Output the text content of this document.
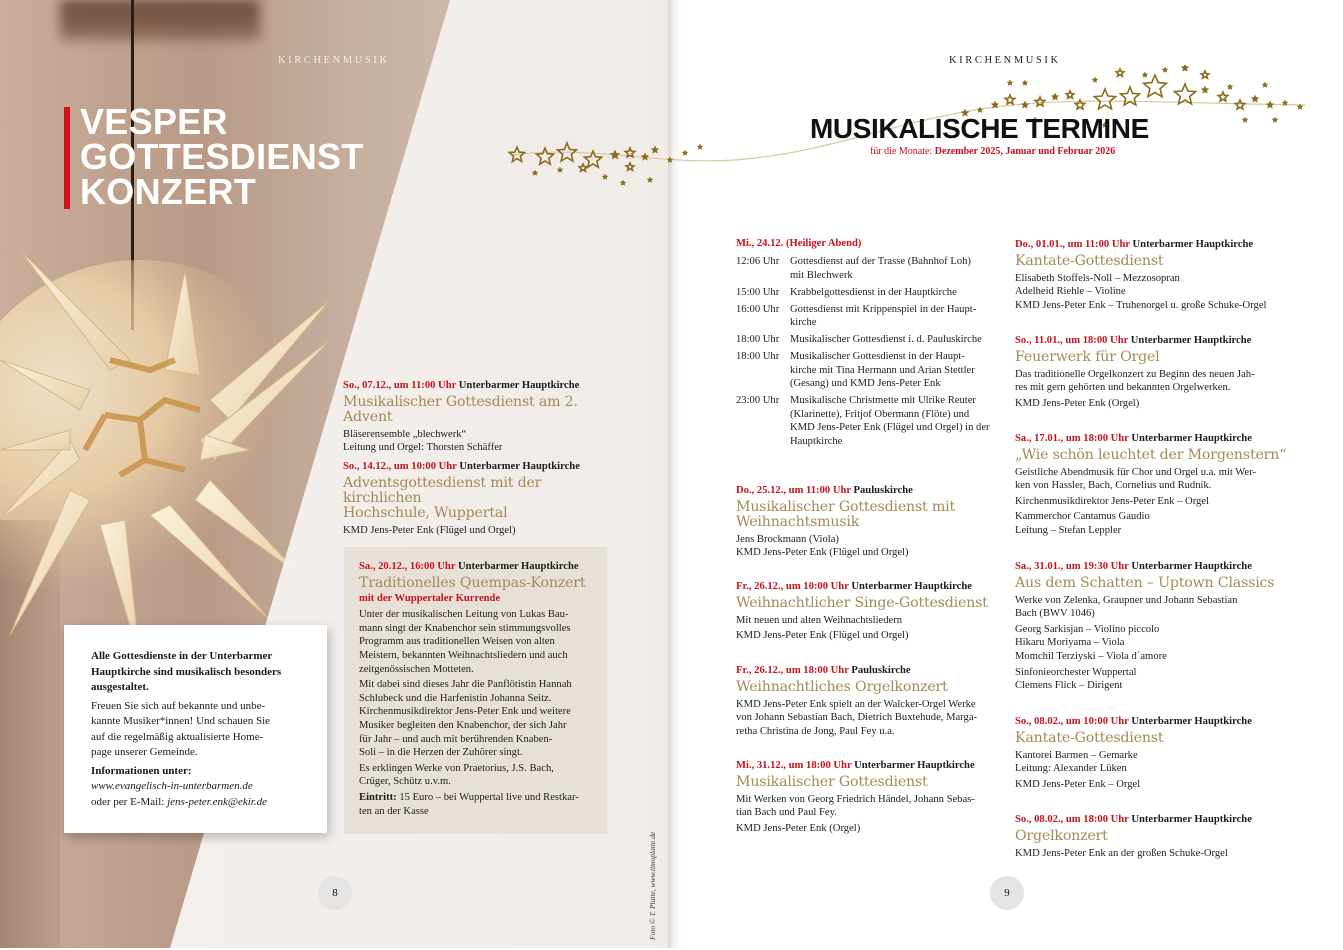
KIRCHENMUSIK
VESPER
GOTTESDIENST
KONZERT
So., 07.12., um 11:00 Uhr Unterbarmer Hauptkirche
Musikalischer Gottesdienst am 2. Advent
Bläserensemble „blechwerk“
Leitung und Orgel: Thorsten Schäffer
So., 14.12., um 10:00 Uhr Unterbarmer Hauptkirche
Adventsgottesdienst mit der kirchlichen
Hochschule, Wuppertal
KMD Jens-Peter Enk (Flügel und Orgel)
Sa., 20.12., 16:00 Uhr Unterbarmer Hauptkirche
Traditionelles Quempas-Konzert
mit der Wuppertaler Kurrende

Unter der musikalischen Leitung von Lukas Bau-
mann singt der Knabenchor sein stimmungsvolles
Programm aus traditionellen Weisen von alten
Meistern, bekannten Weihnachtsliedern und auch
zeitgenössischen Motteten.

Mit dabei sind dieses Jahr die Panflötistin Hannah
Schlubeck und die Harfenistin Johanna Seitz.
Kirchenmusikdirektor Jens-Peter Enk und weitere
Musiker begleiten den Knabenchor, der sich Jahr
für Jahr – und auch mit berührenden Knaben-
Soli – in die Herzen der Zuhörer singt.

Es erklingen Werke von Praetorius, J.S. Bach,
Crüger, Schütz u.v.m.

Eintritt: 15 Euro – bei Wuppertal live und Restkar-
ten an der Kasse

Alle Gottesdienste in der Unterbarmer
Hauptkirche sind musikalisch besonders
ausgestaltet.

Freuen Sie sich auf bekannte und unbe-
kannte Musiker*innen! Und schauen Sie
auf die regelmäßig aktualisierte Home-
page unserer Gemeinde.

Informationen unter:
www.evangelisch-in-unterbarmen.de
oder per E-Mail: jens-peter.enk@ekir.de
8	Foto © T. Platte, www.timoplatte.de
KIRCHENMUSIK
MUSIKALISCHE TERMINE
für die Monate: Dezember 2025, Januar und Februar 2026
Mi., 24.12. (Heiliger Abend)
12:06 Uhr	Gottesdienst auf der Trasse (Bahnhof Loh)
mit Blechwerk
15:00 Uhr	Krabbelgottesdienst in der Hauptkirche
16:00 Uhr	Gottesdienst mit Krippenspiel in der Haupt-
kirche
18:00 Uhr	Musikalischer Gottesdienst i. d. Pauluskirche
18:00 Uhr	Musikalischer Gottesdienst in der Haupt-
kirche mit Tina Hermann und Arian Stettler
(Gesang) und KMD Jens-Peter Enk
23:00 Uhr	Musikalische Christmette mit Ulrike Reuter
(Klarinette), Fritjof Obermann (Flöte) und
KMD Jens-Peter Enk (Flügel und Orgel) in der
Hauptkirche
Do., 25.12., um 11:00 Uhr Pauluskirche
Musikalischer Gottesdienst mit
Weihnachtsmusik

Jens Brockmann (Viola)
KMD Jens-Peter Enk (Flügel und Orgel)

Fr., 26.12., um 10:00 Uhr Unterbarmer Hauptkirche
Weihnachtlicher Singe-Gottesdienst

Mit neuen und alten Weihnachtsliedern

KMD Jens-Peter Enk (Flügel und Orgel)

Fr., 26.12., um 18:00 Uhr Pauluskirche
Weihnachtliches Orgelkonzert

KMD Jens-Peter Enk spielt an der Walcker-Orgel Werke
von Johann Sebastian Bach, Dietrich Buxtehude, Marga-
retha Christina de Jong, Paul Fey u.a.

Mi., 31.12., um 18:00 Uhr Unterbarmer Hauptkirche
Musikalischer Gottesdienst

Mit Werken von Georg Friedrich Händel, Johann Sebas-
tian Bach und Paul Fey.

KMD Jens-Peter Enk (Orgel)

Do., 01.01., um 11:00 Uhr Unterbarmer Hauptkirche
Kantate-Gottesdienst

Elisabeth Stoffels-Noll – Mezzosopran
Adelheid Riehle – Violine
KMD Jens-Peter Enk – Truhenorgel u. große Schuke-Orgel

So., 11.01., um 18:00 Uhr Unterbarmer Hauptkirche
Feuerwerk für Orgel

Das traditionelle Orgelkonzert zu Beginn des neuen Jah-
res mit gern gehörten und bekannten Orgelwerken.

KMD Jens-Peter Enk (Orgel)

Sa., 17.01., um 18:00 Uhr Unterbarmer Hauptkirche
„Wie schön leuchtet der Morgenstern“

Geistliche Abendmusik für Chor und Orgel u.a. mit Wer-
ken von Hassler, Bach, Cornelius und Rudnik.

Kirchenmusikdirektor Jens-Peter Enk – Orgel

Kammerchor Cantamus Gaudio
Leitung – Stefan Leppler

Sa., 31.01., um 19:30 Uhr Unterbarmer Hauptkirche
Aus dem Schatten – Uptown Classics

Werke von Zelenka, Graupner und Johann Sebastian
Bach (BWV 1046)

Georg Sarkisjan – Violino piccolo
Hikaru Moriyama – Viola
Momchil Terziyski – Viola d´amore

Sinfonieorchester Wuppertal
Clemens Flick – Dirigent

So., 08.02., um 10:00 Uhr Unterbarmer Hauptkirche
Kantate-Gottesdienst

Kantorei Barmen – Gemarke
Leitung: Alexander Lüken

KMD Jens-Peter Enk – Orgel

So., 08.02., um 18:00 Uhr Unterbarmer Hauptkirche
Orgelkonzert

KMD Jens-Peter Enk an der großen Schuke-Orgel

9
